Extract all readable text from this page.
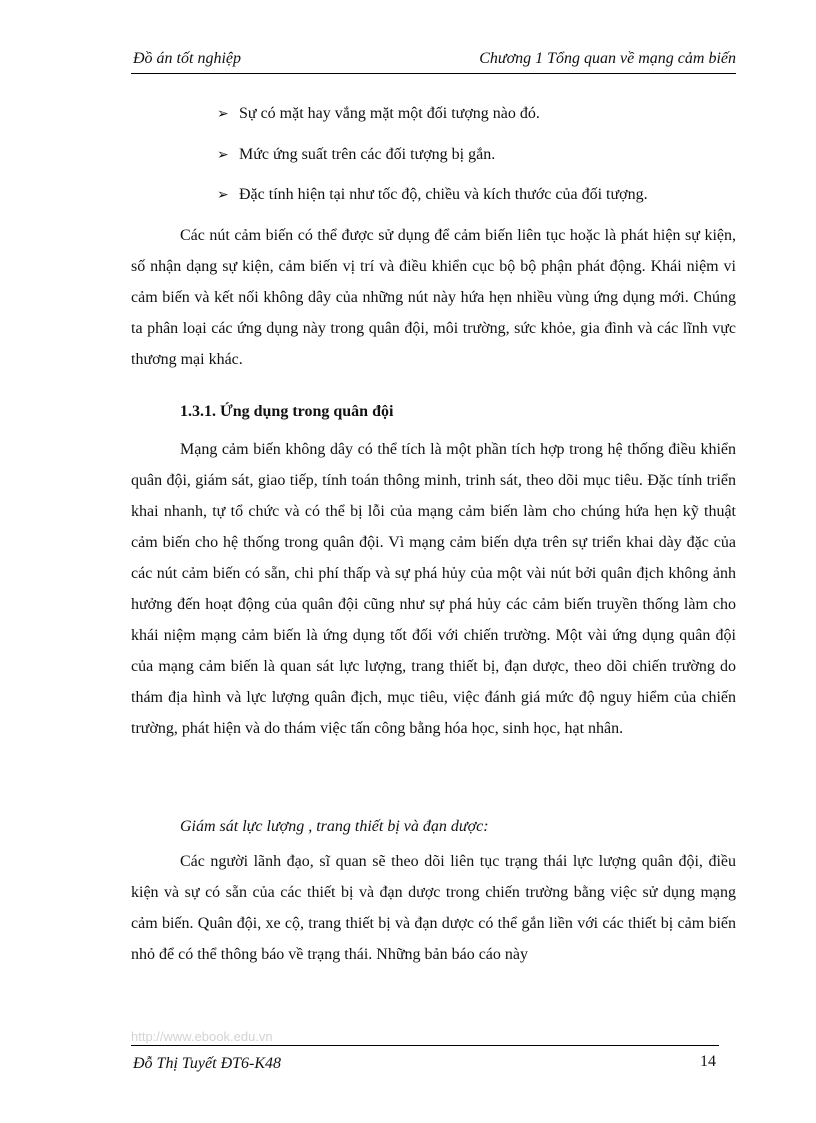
Đồ án tốt nghiệp	Chương 1 Tổng quan về mạng cảm biến
➢ Sự có mặt hay vắng mặt một đối tượng nào đó.
➢ Mức ứng suất trên các đối tượng bị gắn.
➢ Đặc tính hiện tại như tốc độ, chiều và kích thước của đối tượng.

Các nút cảm biến có thể được sử dụng để cảm biến liên tục hoặc là phát hiện sự kiện, số nhận dạng sự kiện, cảm biến vị trí và điều khiển cục bộ bộ phận phát động. Khái niệm vi cảm biến và kết nối không dây của những nút này hứa hẹn nhiều vùng ứng dụng mới. Chúng ta phân loại các ứng dụng này trong quân đội, môi trường, sức khỏe, gia đình và các lĩnh vực thương mại khác.

1.3.1. Ứng dụng trong quân đội

Mạng cảm biến không dây có thể tích là một phần tích hợp trong hệ thống điều khiển quân đội, giám sát, giao tiếp, tính toán thông minh, trinh sát, theo dõi mục tiêu. Đặc tính triển khai nhanh, tự tổ chức và có thể bị lỗi của mạng cảm biến làm cho chúng hứa hẹn kỹ thuật cảm biến cho hệ thống trong quân đội. Vì mạng cảm biến dựa trên sự triển khai dày đặc của các nút cảm biến có sẵn, chi phí thấp và sự phá hủy của một vài nút bởi quân địch không ảnh hưởng đến hoạt động của quân đội cũng như sự phá hủy các cảm biến truyền thống làm cho khái niệm mạng cảm biến là ứng dụng tốt đối với chiến trường. Một vài ứng dụng quân đội của mạng cảm biến là quan sát lực lượng, trang thiết bị, đạn dược, theo dõi chiến trường do thám địa hình và lực lượng quân địch, mục tiêu, việc đánh giá mức độ nguy hiểm của chiến trường, phát hiện và do thám việc tấn công bằng hóa học, sinh học, hạt nhân.

Giám sát lực lượng , trang thiết bị và đạn dược:

Các người lãnh đạo, sĩ quan sẽ theo dõi liên tục trạng thái lực lượng quân đội, điều kiện và sự có sẵn của các thiết bị và đạn dược trong chiến trường bằng việc sử dụng mạng cảm biến. Quân đội, xe cộ, trang thiết bị và đạn dược có thể gắn liền với các thiết bị cảm biến nhỏ để có thể thông báo về trạng thái. Những bản báo cáo này

http://www.ebook.edu.vn
Đỗ Thị Tuyết ĐT6-K48	14
